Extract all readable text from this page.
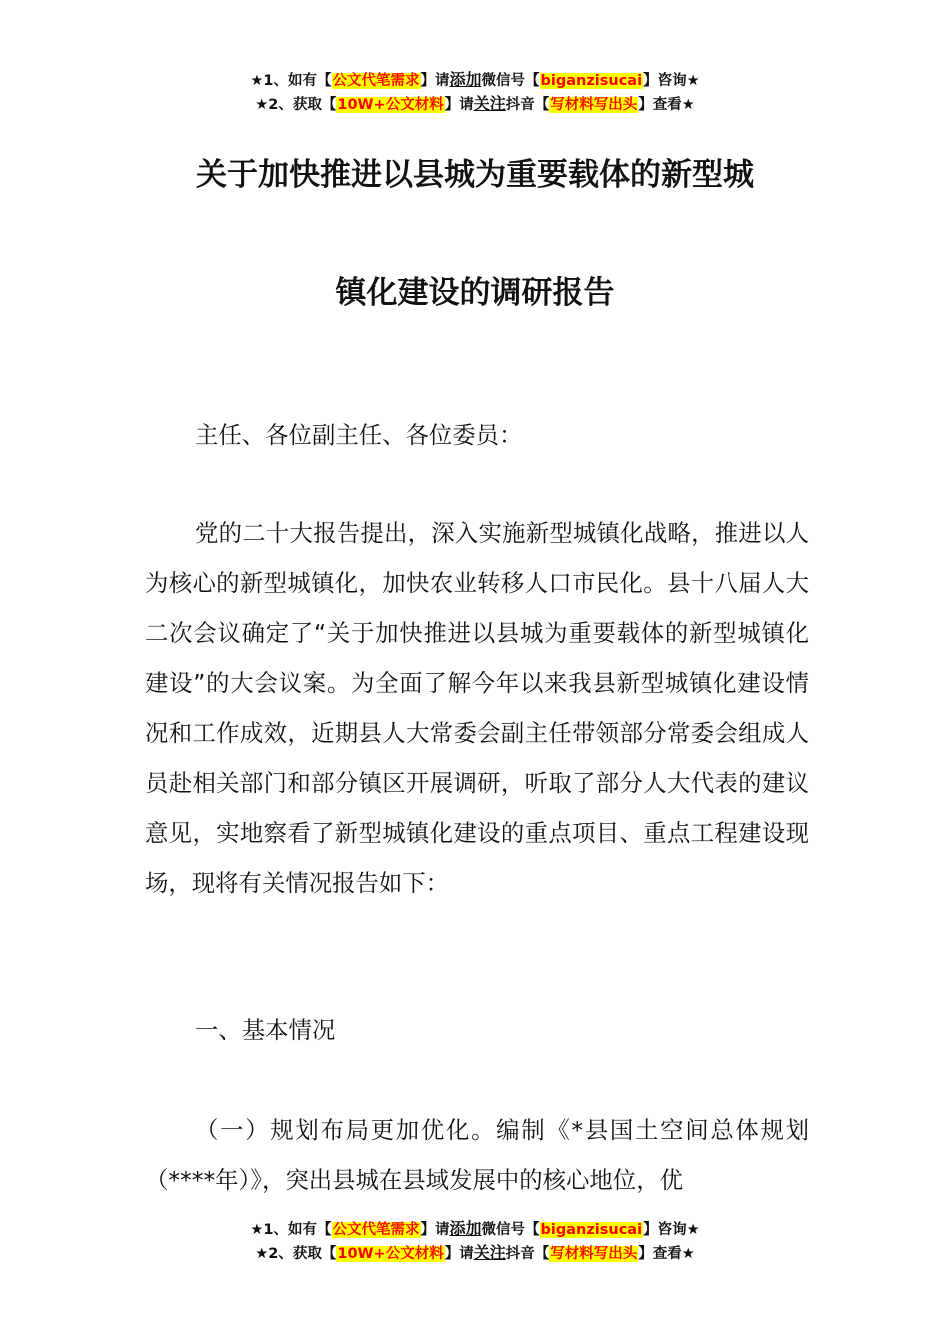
★1、如有【公文代笔需求】请添加微信号【biganzisucai】咨询★
★2、获取【10W+公文材料】请关注抖音【写材料写出头】查看★
关于加快推进以县城为重要载体的新型城
镇化建设的调研报告
主任、各位副主任、各位委员：
党的二十大报告提出，深入实施新型城镇化战略，推进以人为核心的新型城镇化，加快农业转移人口市民化。县十八届人大二次会议确定了“关于加快推进以县城为重要载体的新型城镇化建设”的大会议案。为全面了解今年以来我县新型城镇化建设情况和工作成效，近期县人大常委会副主任带领部分常委会组成人员赴相关部门和部分镇区开展调研，听取了部分人大代表的建议意见，实地察看了新型城镇化建设的重点项目、重点工程建设现场，现将有关情况报告如下：
一、基本情况
（一）规划布局更加优化。编制《*县国土空间总体规划（****年）》，突出县城在县域发展中的核心地位，优
★1、如有【公文代笔需求】请添加微信号【biganzisucai】咨询★
★2、获取【10W+公文材料】请关注抖音【写材料写出头】查看★
